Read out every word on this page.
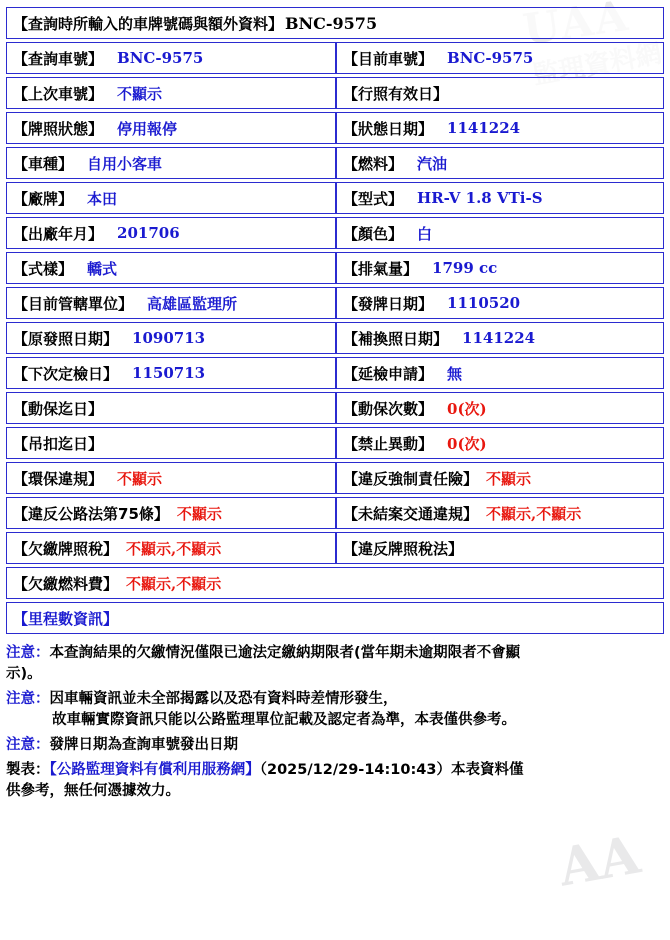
AA
【查詢時所輸入的車牌號碼與額外資料】 BNC-9575	

【查詢車號】 BNC-9575	【目前車號】 BNC-9575

【上次車號】 不顯示	【行照有效日】

【牌照狀態】 停用報停	【狀態日期】 1141224

【車種】 自用小客車	【燃料】 汽油

【廠牌】 本田	【型式】 HR-V 1.8 VTi-S

【出廠年月】 201706	【顏色】 白

【式樣】 轎式	【排氣量】 1799 cc

【目前管轄單位】 高雄區監理所	【發牌日期】 1110520

【原發照日期】 1090713	【補換照日期】 1141224

【下次定檢日】 1150713	【延檢申請】 無

【動保迄日】	【動保次數】 0(次)

【吊扣迄日】	【禁止異動】 0(次)

【環保違規】 不顯示	【違反強制責任險】 不顯示

【違反公路法第75條】 不顯示	【未結案交通違規】 不顯示,不顯示

【欠繳牌照稅】 不顯示,不顯示	【違反牌照稅法】

【欠繳燃料費】 不顯示,不顯示	

【里程數資訊】	
注意：本查詢結果的欠繳情況僅限已逾法定繳納期限者(當年期未逾期限者不會顯
示)。
注意：因車輛資訊並未全部揭露以及恐有資料時差情形發生，
故車輛實際資訊只能以公路監理單位記載及認定者為準，本表僅供參考。
注意：發牌日期為查詢車號發出日期
製表：【公路監理資料有償利用服務網】（2025/12/29-14:10:43）本表資料僅
供參考，無任何憑據效力。
